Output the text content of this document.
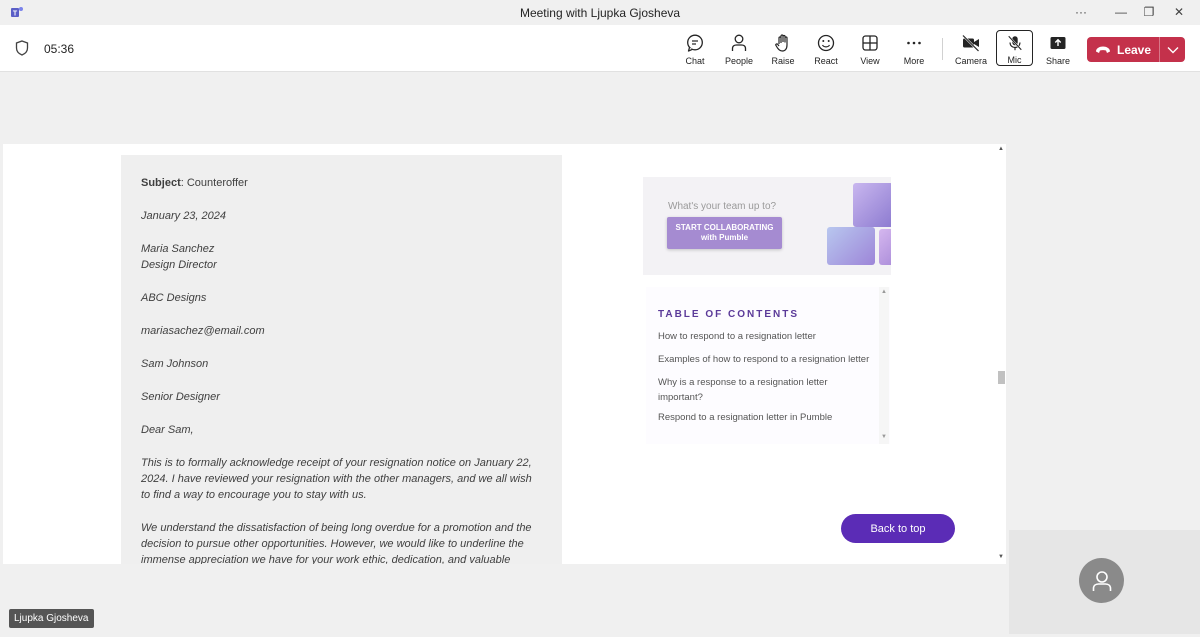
T	Meeting with Ljupka Gjosheva	···	—	❐	✕
05:36
Chat People Raise React	View	More	Camera Mic	Share
Leave

Subject: Counteroffer

January 23, 2024

Maria Sanchez
Design Director

ABC Designs

mariasachez@email.com

Sam Johnson

Senior Designer

Dear Sam,

This is to formally acknowledge receipt of your resignation notice on January 22,
2024. I have reviewed your resignation with the other managers, and we all wish
to find a way to encourage you to stay with us.

We understand the dissatisfaction of being long overdue for a promotion and the
decision to pursue other opportunities. However, we would like to underline the
immense appreciation we have for your work ethic, dedication, and valuable

What's your team up to?
START COLLABORATING
with Pumble
TABLE OF CONTENTS
How to respond to a resignation letter
Examples of how to respond to a resignation letter
Why is a response to a resignation letter important?
Respond to a resignation letter in Pumble
▲
▼
Back to top
▲
▼
Ljupka Gjosheva
